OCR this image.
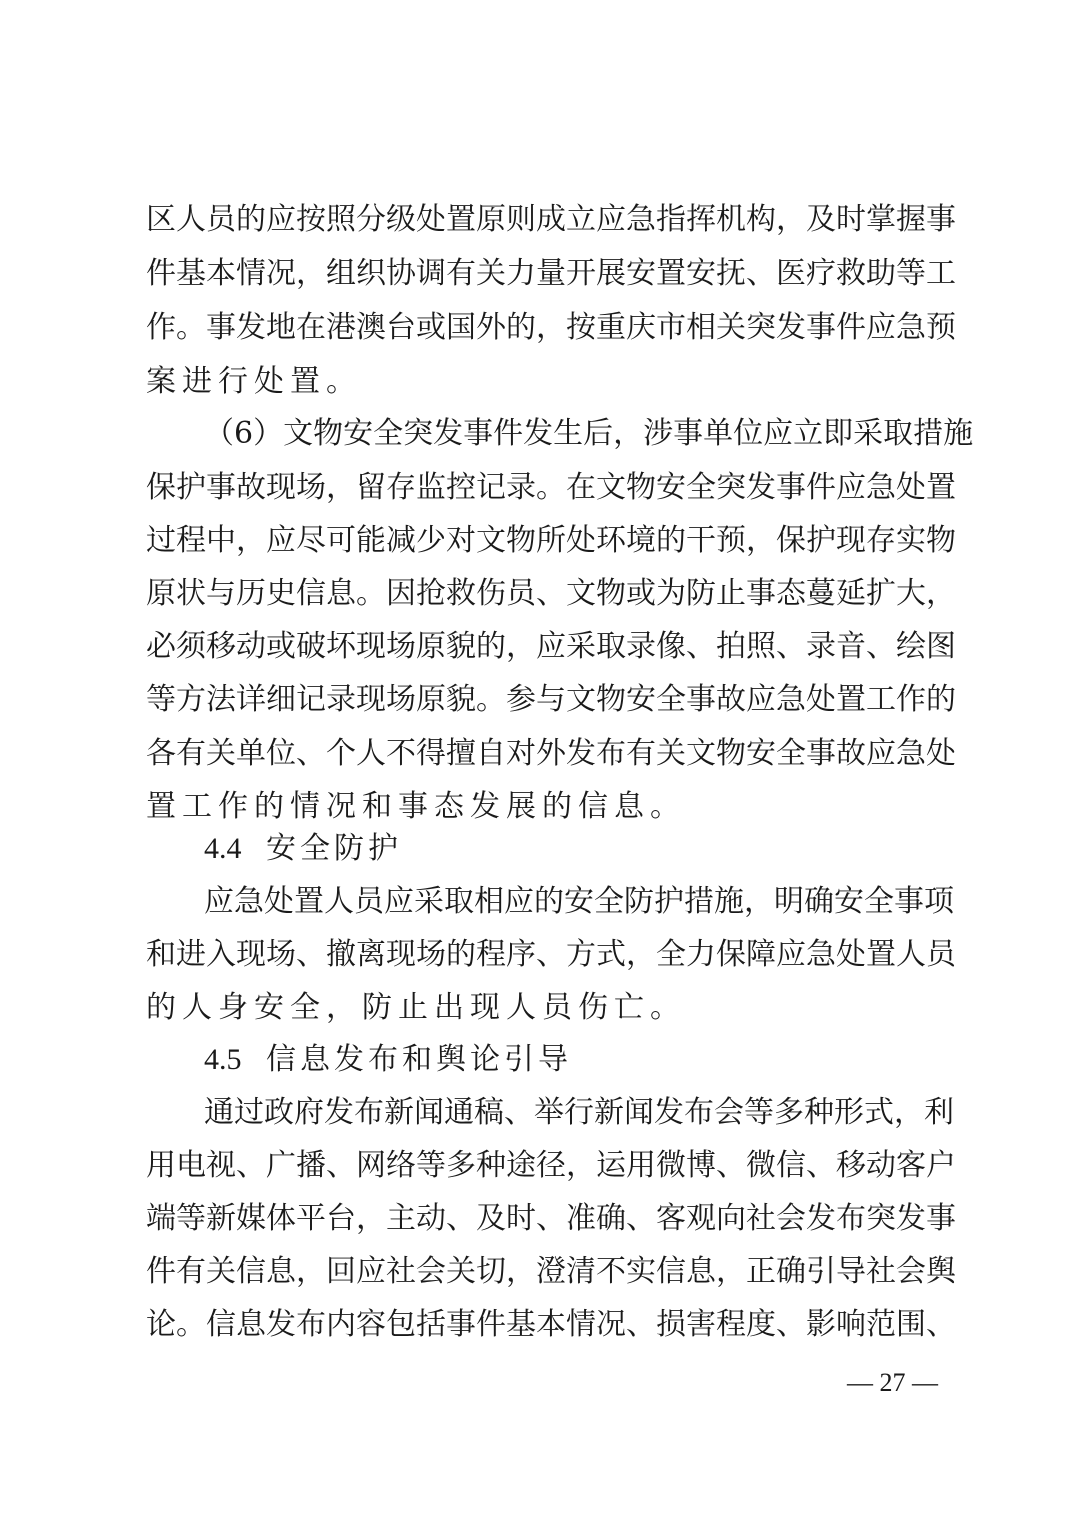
区人员的应按照分级处置原则成立应急指挥机构，及时掌握事
件基本情况，组织协调有关力量开展安置安抚、医疗救助等工
作。事发地在港澳台或国外的，按重庆市相关突发事件应急预
案进行处置。
（6）文物安全突发事件发生后，涉事单位应立即采取措施
保护事故现场，留存监控记录。在文物安全突发事件应急处置
过程中，应尽可能减少对文物所处环境的干预，保护现存实物
原状与历史信息。因抢救伤员、文物或为防止事态蔓延扩大，
必须移动或破坏现场原貌的，应采取录像、拍照、录音、绘图
等方法详细记录现场原貌。参与文物安全事故应急处置工作的
各有关单位、个人不得擅自对外发布有关文物安全事故应急处
置工作的情况和事态发展的信息。
4.4 安全防护
应急处置人员应采取相应的安全防护措施，明确安全事项
和进入现场、撤离现场的程序、方式，全力保障应急处置人员
的人身安全，防止出现人员伤亡。
4.5 信息发布和舆论引导
通过政府发布新闻通稿、举行新闻发布会等多种形式，利
用电视、广播、网络等多种途径，运用微博、微信、移动客户
端等新媒体平台，主动、及时、准确、客观向社会发布突发事
件有关信息，回应社会关切，澄清不实信息，正确引导社会舆
论。信息发布内容包括事件基本情况、损害程度、影响范围、
— 27 —
